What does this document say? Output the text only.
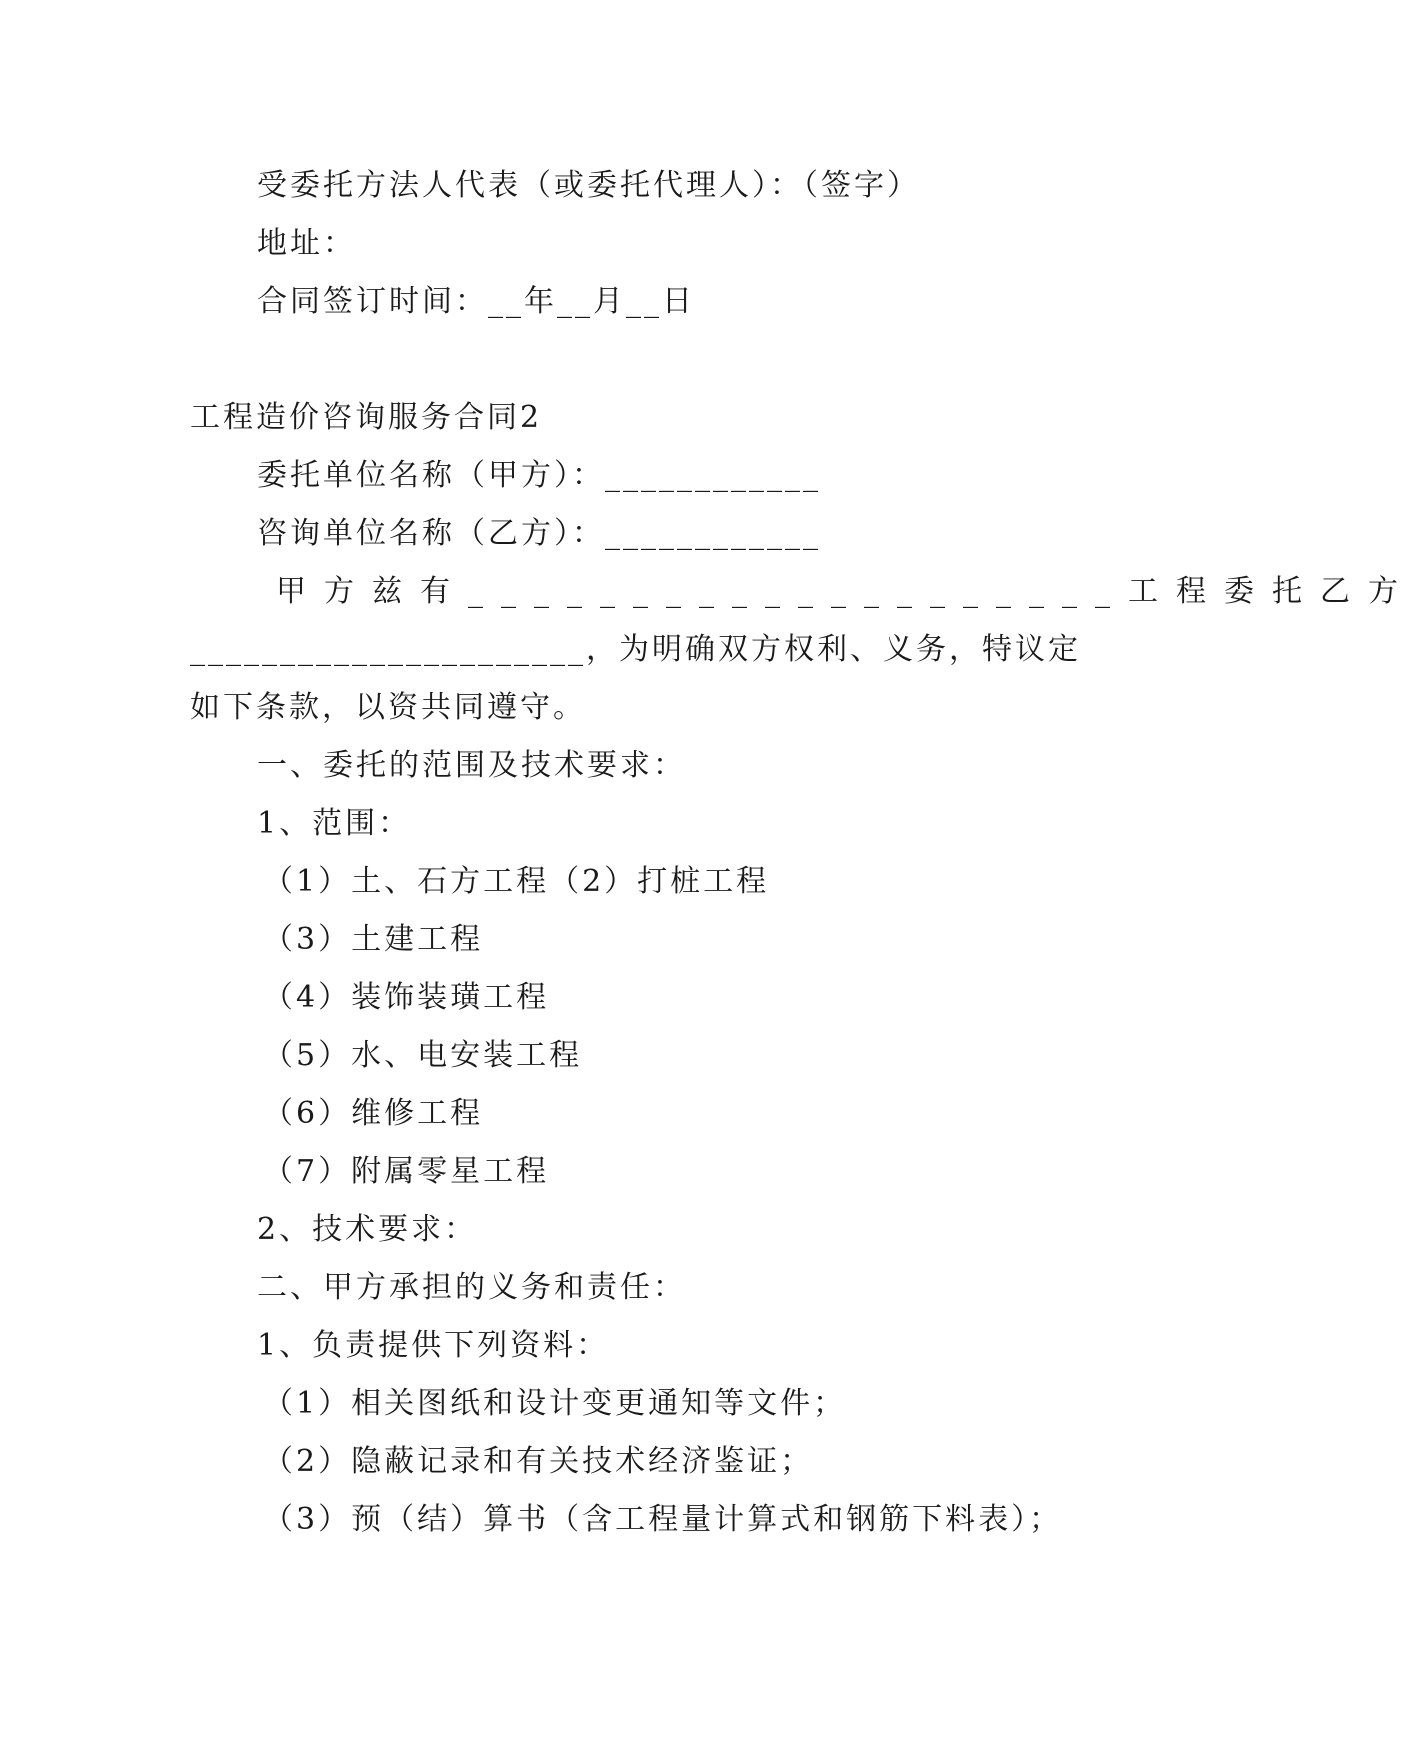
受委托方法人代表（或委托代理人）：（签字）
地址：
合同签订时间：__年__月__日
工程造价咨询服务合同2
委托单位名称（甲方）：____________
咨询单位名称（乙方）：____________
甲方兹有____________________工程委托乙方
______________________，为明确双方权利、义务，特议定
如下条款，以资共同遵守。
一、委托的范围及技术要求：
1、范围：
（1）土、石方工程（2）打桩工程
（3）土建工程
（4）装饰装璜工程
（5）水、电安装工程
（6）维修工程
（7）附属零星工程
2、技术要求：
二、甲方承担的义务和责任：
1、负责提供下列资料：
（1）相关图纸和设计变更通知等文件；
（2）隐蔽记录和有关技术经济鉴证；
（3）预（结）算书（含工程量计算式和钢筋下料表）；
